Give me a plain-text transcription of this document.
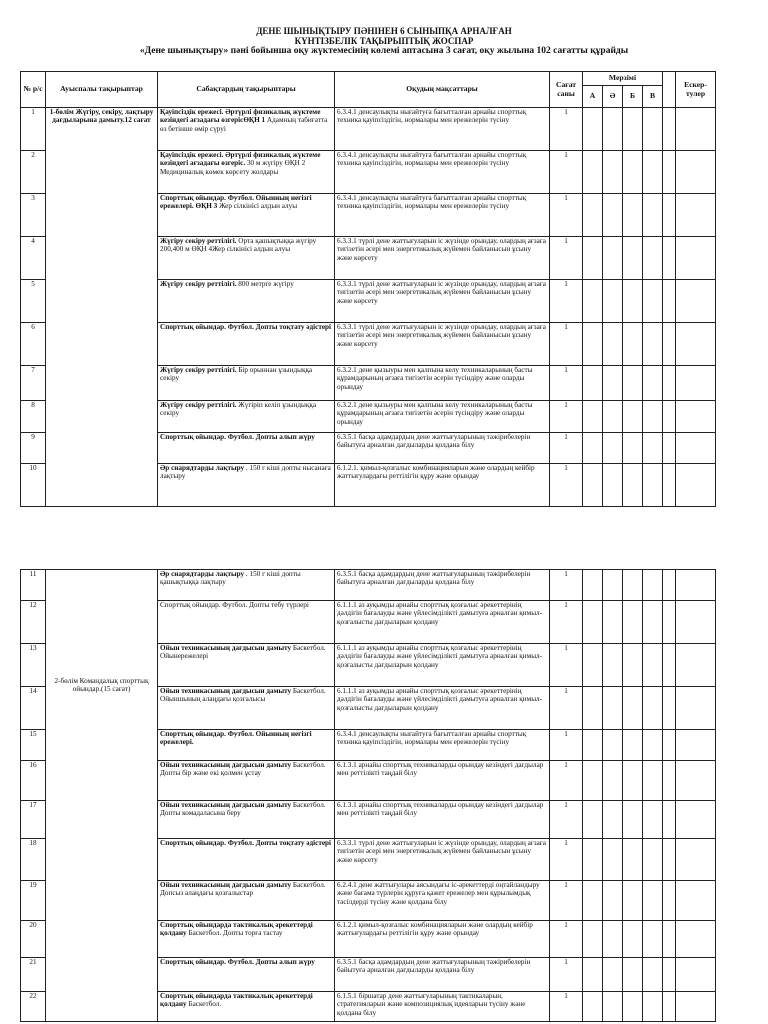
ДЕНЕ ШЫНЫҚТЫРУ ПӘНІНЕН 6 СЫНЫПҚА АРНАЛҒАН
КҮНТІЗБЕЛІК ТАҚЫРЫПТЫҚ ЖОСПАР
«Дене шынықтыру» пәні бойынша оқу жүктемесінің көлемі аптасына 3 сағат, оқу жылына 102 сағатты құрайды
№ р/с	Ауыспалы тақырыптар	Сабақтардың тақырыптары	Оқудың мақсаттары	Сағат саны	Мерзімі					Ескер-тулер
					А	Ә	Б	В		
1	1-бөлім Жүгіру, секіру, лақтыру дағдыларына дамыту.12 сағат	Қауіпсіздік ережесі. Әртүрлі физикалық жүктеме кезіндегі ағзадағы өзгерісӨҚН 1 Адамның табиғатта өз бетінше өмір сүруі	6.3.4.1 денсаулықты нығайтуға бағытталған арнайы спорттық техника қауіпсіздігін, нормалары мен ережелерін түсіну	1						
2		Қауіпсіздік ережесі. Әртүрлі физикалық жүктеме кезіндегі ағзадағы өзгеріс. 30 м жүгіру ӨҚН 2 Медициналық көмек көрсету жолдары	6.3.4.1 денсаулықты нығайтуға бағытталған арнайы спорттық техника қауіпсіздігін, нормалары мен ережелерін түсіну	1						
3		Спорттық ойындар. Футбол. Ойынның негізгі ережелері. ӨҚН 3 Жер сілкінісі алдын алуы	6.3.4.1 денсаулықты нығайтуға бағытталған арнайы спорттық техника қауіпсіздігін, нормалары мен ережелерін түсіну	1						
4		Жүгіру секіру реттілігі. Орта қашықтыққа жүгіру 200,400 м ӨҚН 4Жер сілкінісі алдын алуы	6.3.3.1 түрлі дене жаттығуларын іс жүзінде орындау, олардың ағзаға тигізетін әсері мен энергетикалық жүйемен байланысын ұсыну және көрсету	1						
5		Жүгіру секіру реттілігі. 800 метрге жүгіру	6.3.3.1 түрлі дене жаттығуларын іс жүзінде орындау, олардың ағзаға тигізетін әсері мен энергетикалық жүйемен байланысын ұсыну және көрсету	1						
6		Спорттық ойындар. Футбол. Допты тоқтату әдістері	6.3.3.1 түрлі дене жаттығуларын іс жүзінде орындау, олардың ағзаға тигізетін әсері мен энергетикалық жүйемен байланысын ұсыну және көрсету	1						
7		Жүгіру секіру реттілігі. Бір орыннан ұзындыққа секіру	6.3.2.1 дене қызыуры мен қалпына келу техникаларының басты құрамдарының ағзаға тигізетін әсерін түсіндіру және оларды орындау	1						
8		Жүгіру секіру реттілігі. Жүгіріп келіп ұзындыққа секіру	6.3.2.1 дене қызыуры мен қалпына келу техникаларының басты құрамдарының ағзаға тигізетін әсерін түсіндіру және оларды орындау	1						
9		Спорттық ойындар. Футбол. Допты алып жүру	6.3.5.1 басқа адамдардың дене жаттығуларының тәжірибелерін байытуға арналған дағдыларды қолдана білу	1						
10		Әр снарядтарды лақтыру . 150 г кіші допты нысанаға лақтыру	6.1.2.1. қимыл-қозғалыс комбинацияларын және олардың кейбір жаттығулардағы реттілігін құру және орындау	1						
11	2-бөлім Командалық спорттық ойындар.(15 сағат)	Әр снарядтарды лақтыру . 150 г кіші допты қашықтыққа лақтыру	6.3.5.1 басқа адамдардың дене жаттығуларының тәжірибелерін байытуға арналған дағдыларды қолдана білу	1						
12		Спорттық ойындар. Футбол. Допты тебу түрлері	6.1.1.1 аз ауқымды арнайы спорттық қозғалыс әрекеттерінің дәлдігін бағалауды және үйлесімділікті дамытуға арналған қимыл-қозғалысты дағдыларын қолдану	1						
13		Ойын техникасының дағдысын дамыту Баскетбол. Ойынережелері	6.1.1.1 аз ауқымды арнайы спорттық қозғалыс әрекеттерінің дәлдігін бағалауды және үйлесімділікті дамытуға арналған қимыл-қозғалысты дағдыларын қолдану	1						
14		Ойын техникасының дағдысын дамыту Баскетбол. Ойыншының алаңдағы қозғалысы	6.1.1.1 аз ауқымды арнайы спорттық қозғалыс әрекеттерінің дәлдігін бағалауды және үйлесімділікті дамытуға арналған қимыл-қозғалысты дағдыларын қолдану	1						
15		Спорттық ойындар. Футбол. Ойынның негізгі ережелері.	6.3.4.1 денсаулықты нығайтуға бағытталған арнайы спорттық техника қауіпсіздігін, нормалары мен ережелерін түсіну	1						
16		Ойын техникасының дағдысын дамыту Баскетбол. Допты бір және екі қолмен ұстау	6.1.3.1 арнайы спорттық техникаларды орындау кезіндегі дағдылар мен реттілікті таңдай білу	1						
17		Ойын техникасының дағдысын дамыту Баскетбол. Допты комадаласына беру	6.1.3.1 арнайы спорттық техникаларды орындау кезіндегі дағдылар мен реттілікті таңдай білу	1						
18		Спорттық ойындар. Футбол. Допты тоқтату әдістері	6.3.3.1 түрлі дене жаттығуларын іс жүзінде орындау, олардың ағзаға тигізетін әсері мен энергетикалық жүйемен байланысын ұсыну және көрсету	1						
19		Ойын техникасының дағдысын дамыту Баскетбол. Допсыз алаңдағы қозғалыстар	6.2.4.1 дене жаттығулары аясындағы іс-әрекеттерді оңтайландыру және бағама түрлерін құруға қажет ережелер мен құрылымдық тәсілдерді түсіну және қолдана білу	1						
20		Спорттық ойындарда тактикалық әрекеттерді қолдану Баскетбол. Допты торға тастау	6.1.2.1 қимыл-қозғалыс комбинацияларын және олардың кейбір жаттығулардағы реттілігін құру және орындау	1						
21		Спорттық ойындар. Футбол. Допты алып жүру	6.3.5.1 басқа адамдардың дене жаттығуларының тәжірибелерін байытуға арналған дағдыларды қолдана білу	1						
22		Спорттық ойындарда тактикалық әрекеттерді қолдану Баскетбол.	6.1.5.1 біршатар дене жаттығуларының тактикаларын, стратегияларын және композициялық идеяларын түсіну және қолдана білу	1						
